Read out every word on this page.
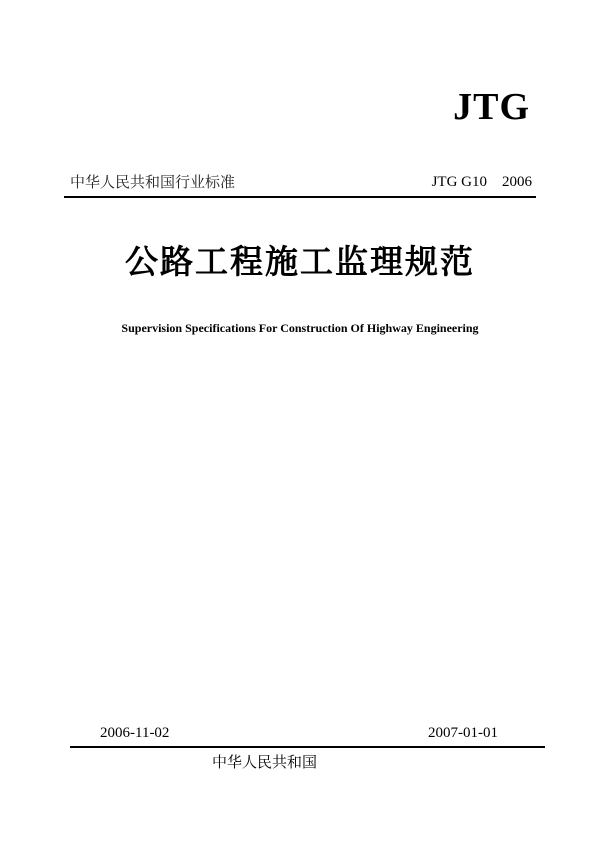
JTG
中华人民共和国行业标准	JTG G10　2006
公路工程施工监理规范
Supervision Specifications For Construction Of Highway Engineering
2006-11-02	2007-01-01
中华人民共和国
